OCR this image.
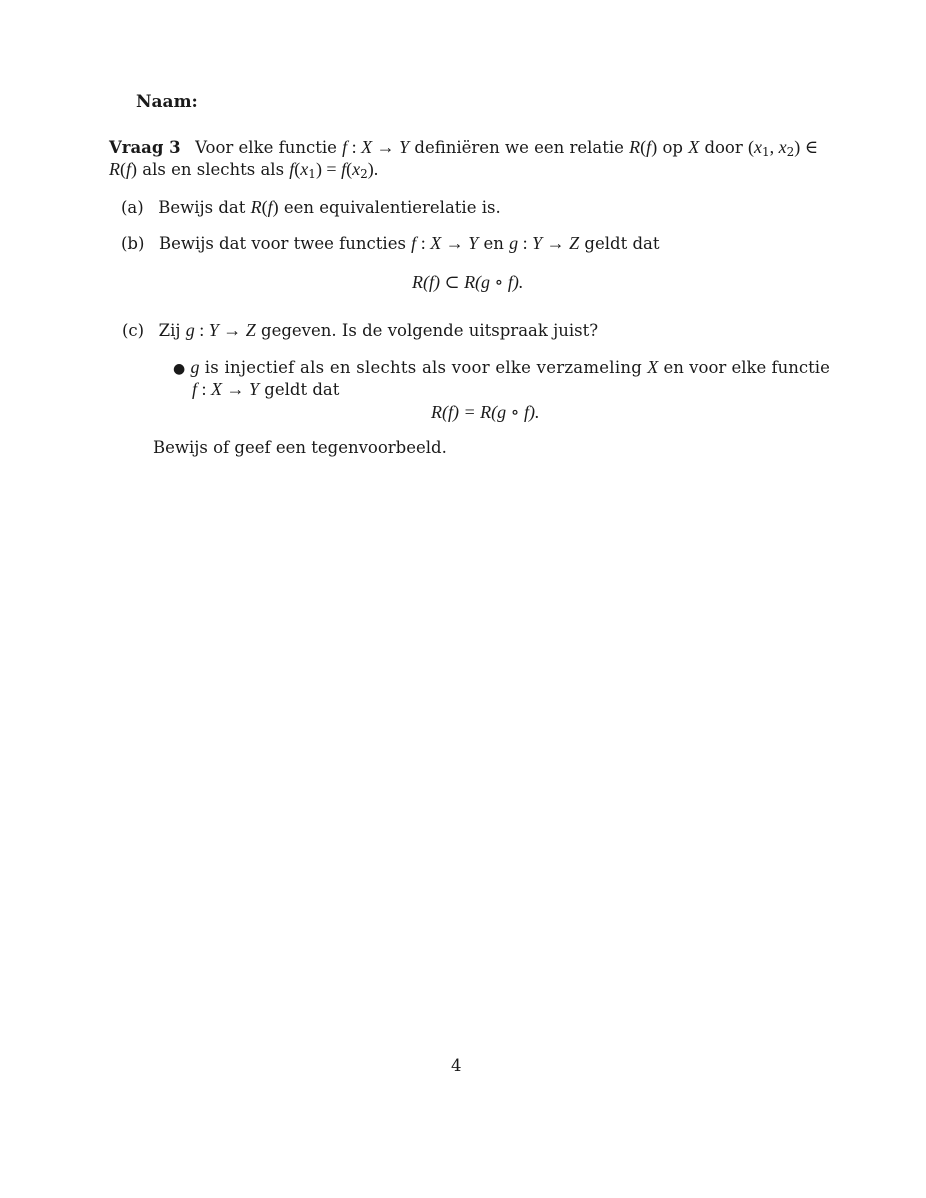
Naam:
Vraag 3 Voor elke functie f : X → Y definiëren we een relatie R(f) op X door ($x_1$, $x_2$) ∈
R(f) als en slechts als $f(x_1) = f(x_2)$.
(a) Bewijs dat R(f) een equivalentierelatie is.
(b) Bewijs dat voor twee functies f : X → Y en g : Y → Z geldt dat
R(f) ⊂ R(g ∘ f).
(c) Zij g : Y → Z gegeven. Is de volgende uitspraak juist?
● g is injectief als en slechts als voor elke verzameling X en voor elke functie
f : X → Y geldt dat
R(f) = R(g ∘ f).
Bewijs of geef een tegenvoorbeeld.
4
